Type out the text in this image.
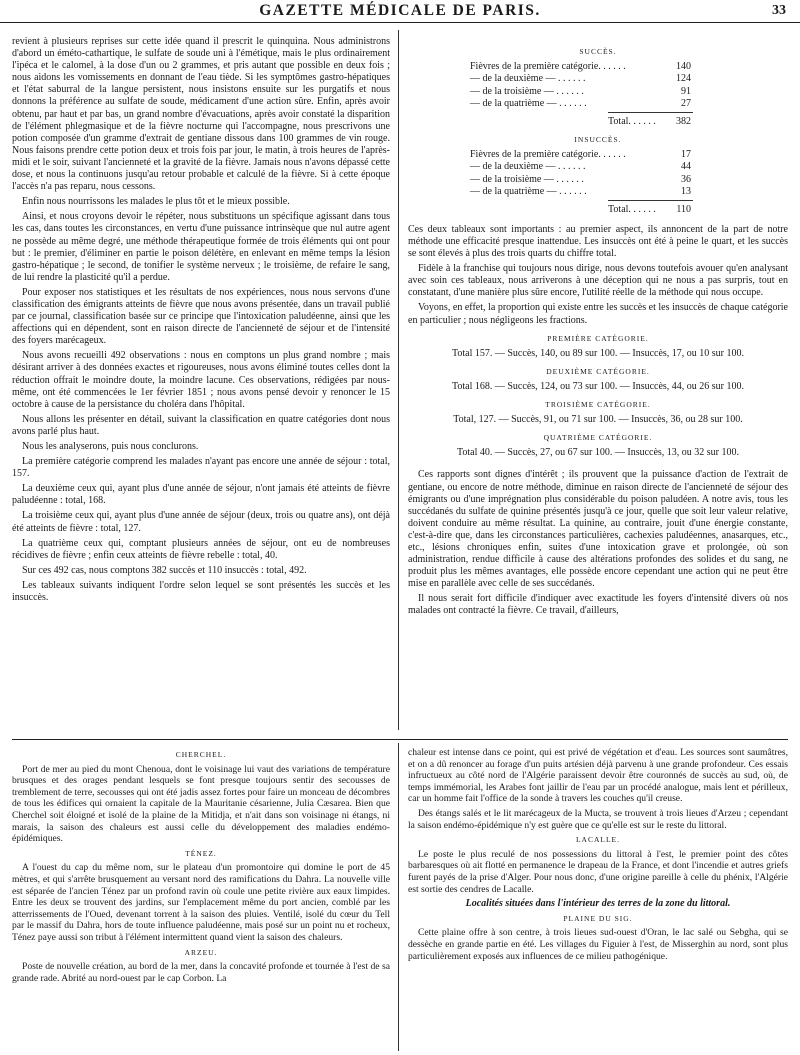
GAZETTE MÉDICALE DE PARIS.	33

revient à plusieurs reprises sur cette idée quand il prescrit le quinquina. Nous administrons d'abord un éméto-cathartique, le sulfate de soude uni à l'émétique, mais le plus ordinairement l'ipéca et le calomel, à la dose d'un ou 2 grammes, et pris autant que possible en deux fois ; nous aidons les vomissements en donnant de l'eau tiède. Si les symptômes gastro-hépatiques et l'état saburral de la langue persistent, nous insistons ensuite sur les purgatifs et nous donnons la préférence au sulfate de soude, médicament d'une action sûre. Enfin, après avoir obtenu, par haut et par bas, un grand nombre d'évacuations, après avoir constaté la disparition de l'élément phlegmasique et de la fièvre nocturne qui l'accompagne, nous prescrivons une potion composée d'un gramme d'extrait de gentiane dissous dans 100 grammes de vin rouge. Nous faisons prendre cette potion deux et trois fois par jour, le matin, à trois heures de l'après-midi et le soir, suivant l'ancienneté et la gravité de la fièvre. Jamais nous n'avons dépassé cette dose, et nous la continuons jusqu'au retour probable et calculé de la fièvre. Si à cette époque l'accès n'a pas reparu, nous cessons.

Enfin nous nourrissons les malades le plus tôt et le mieux possible.

Ainsi, et nous croyons devoir le répéter, nous substituons un spécifique agissant dans tous les cas, dans toutes les circonstances, en vertu d'une puissance intrinsèque que nul autre agent ne possède au même degré, une méthode thérapeutique formée de trois éléments qui ont pour but : le premier, d'éliminer en partie le poison délétère, en enlevant en même temps la lésion gastro-hépatique ; le second, de tonifier le système nerveux ; le troisième, de refaire le sang, de lui rendre la plasticité qu'il a perdue.

Pour exposer nos statistiques et les résultats de nos expériences, nous nous servons d'une classification des émigrants atteints de fièvre que nous avons présentée, dans un travail publié par ce journal, classification basée sur ce principe que l'intoxication paludéenne, ainsi que les affections qui en dépendent, sont en raison directe de l'ancienneté de séjour et de l'intensité des foyers marécageux.

Nous avons recueilli 492 observations : nous en comptons un plus grand nombre ; mais désirant arriver à des données exactes et rigoureuses, nous avons éliminé toutes celles dont la réduction offrait le moindre doute, la moindre lacune. Ces observations, rédigées par nous-même, ont été commencées le 1er février 1851 ; nous avons pensé devoir y renoncer le 15 octobre à cause de la persistance du choléra dans l'hôpital.

Nous allons les présenter en détail, suivant la classification en quatre catégories dont nous avons parlé plus haut.

Nous les analyserons, puis nous conclurons.

La première catégorie comprend les malades n'ayant pas encore une année de séjour : total, 157.

La deuxième ceux qui, ayant plus d'une année de séjour, n'ont jamais été atteints de fièvre paludéenne : total, 168.

La troisième ceux qui, ayant plus d'une année de séjour (deux, trois ou quatre ans), ont déjà été atteints de fièvre : total, 127.

La quatrième ceux qui, comptant plusieurs années de séjour, ont eu de nombreuses récidives de fièvre ; enfin ceux atteints de fièvre rebelle : total, 40.

Sur ces 492 cas, nous comptons 382 succès et 110 insuccès : total, 492.

Les tableaux suivants indiquent l'ordre selon lequel se sont présentés les succès et les insuccès.

SUCCÈS.
Fièvres de la première catégorie. . . . . .	140
— de la deuxième — . . . . . .	124
— de la troisième — . . . . . .	91
— de la quatrième — . . . . . .	27
Total. . . . . .	382
INSUCCÈS.
Fièvres de la première catégorie. . . . . .	17
— de la deuxième — . . . . . .	44
— de la troisième — . . . . . .	36
— de la quatrième — . . . . . .	13
Total. . . . . .	110

Ces deux tableaux sont importants : au premier aspect, ils annoncent de la part de notre méthode une efficacité presque inattendue. Les insuccès ont été à peine le quart, et les succès se sont élevés à plus des trois quarts du chiffre total.

Fidèle à la franchise qui toujours nous dirige, nous devons toutefois avouer qu'en analysant avec soin ces tableaux, nous arriverons à une déception qui ne nous a pas surpris, tout en constatant, d'une manière plus sûre encore, l'utilité réelle de la méthode qui nous occupe.

Voyons, en effet, la proportion qui existe entre les succès et les insuccès de chaque catégorie en particulier ; nous négligeons les fractions.

PREMIÈRE CATÉGORIE.
Total 157. — Succès, 140, ou 89 sur 100. — Insuccès, 17, ou 10 sur 100.
DEUXIÈME CATÉGORIE.
Total 168. — Succès, 124, ou 73 sur 100. — Insuccès, 44, ou 26 sur 100.
TROISIÈME CATÉGORIE.
Total, 127. — Succès, 91, ou 71 sur 100. — Insuccès, 36, ou 28 sur 100.
QUATRIÈME CATÉGORIE.
Total 40. — Succès, 27, ou 67 sur 100. — Insuccès, 13, ou 32 sur 100.

Ces rapports sont dignes d'intérêt ; ils prouvent que la puissance d'action de l'extrait de gentiane, ou encore de notre méthode, diminue en raison directe de l'ancienneté de séjour des émigrants ou d'une imprégnation plus considérable du poison paludéen. A notre avis, tous les succédanés du sulfate de quinine présentés jusqu'à ce jour, quelle que soit leur valeur relative, doivent conduire au même résultat. La quinine, au contraire, jouit d'une énergie constante, c'est-à-dire que, dans les circonstances particulières, cachexies paludéennes, anasarques, etc., etc., lésions chroniques enfin, suites d'une intoxication grave et prolongée, où son administration, rendue difficile à cause des altérations profondes des solides et du sang, ne produit plus les mêmes avantages, elle possède encore cependant une action qui ne peut être mise en parallèle avec celle de ses succédanés.

Il nous serait fort difficile d'indiquer avec exactitude les foyers d'intensité divers où nos malades ont contracté la fièvre. Ce travail, d'ailleurs,

CHERCHEL.

Port de mer au pied du mont Chenoua, dont le voisinage lui vaut des variations de température brusques et des orages pendant lesquels se font presque toujours sentir des secousses de tremblement de terre, secousses qui ont été jadis assez fortes pour faire un monceau de décombres de tous les édifices qui ornaient la capitale de la Mauritanie césarienne, Julia Cæsarea. Bien que Cherchel soit éloigné et isolé de la plaine de la Mitidja, et n'ait dans son voisinage ni étangs, ni marais, la saison des chaleurs est aussi celle du développement des maladies endémo-épidémiques.

TÉNEZ.

A l'ouest du cap du même nom, sur le plateau d'un promontoire qui domine le port de 45 mètres, et qui s'arrête brusquement au versant nord des ramifications du Dahra. La nouvelle ville est séparée de l'ancien Ténez par un profond ravin où coule une petite rivière aux eaux limpides. Entre les deux se trouvent des jardins, sur l'emplacement même du port ancien, comblé par les atterrissements de l'Oued, devenant torrent à la saison des pluies. Ventilé, isolé du cœur du Tell par le massif du Dahra, hors de toute influence paludéenne, mais posé sur un point nu et rocheux, Ténez paye aussi son tribut à l'élément intermittent quand vient la saison des chaleurs.

ARZEU.

Poste de nouvelle création, au bord de la mer, dans la concavité profonde et tournée à l'est de sa grande rade. Abrité au nord-ouest par le cap Corbon. La

chaleur est intense dans ce point, qui est privé de végétation et d'eau. Les sources sont saumâtres, et on a dû renoncer au forage d'un puits artésien déjà parvenu à une grande profondeur. Ces essais infructueux au côté nord de l'Algérie paraissent devoir être couronnés de succès au sud, où, de temps immémorial, les Arabes font jaillir de l'eau par un procédé analogue, mais lent et périlleux, car un homme fait l'office de la sonde à travers les couches qu'il creuse.

Des étangs salés et le lit marécageux de la Mucta, se trouvent à trois lieues d'Arzeu ; cependant la saison endémo-épidémique n'y est guère que ce qu'elle est sur le reste du littoral.

LACALLE.

Le poste le plus reculé de nos possessions du littoral à l'est, le premier point des côtes barbaresques où ait flotté en permanence le drapeau de la France, et dont l'incendie et autres griefs furent payés de la prise d'Alger. Pour nous donc, d'une origine pareille à celle du phénix, l'Algérie est sortie des cendres de Lacalle.

Localités situées dans l'intérieur des terres de la zone du littoral.
PLAINE DU SIG.

Cette plaine offre à son centre, à trois lieues sud-ouest d'Oran, le lac salé ou Sebgha, qui se dessèche en grande partie en été. Les villages du Figuier à l'est, de Misserghin au nord, sont plus particulièrement exposés aux influences de ce milieu pathogénique.
